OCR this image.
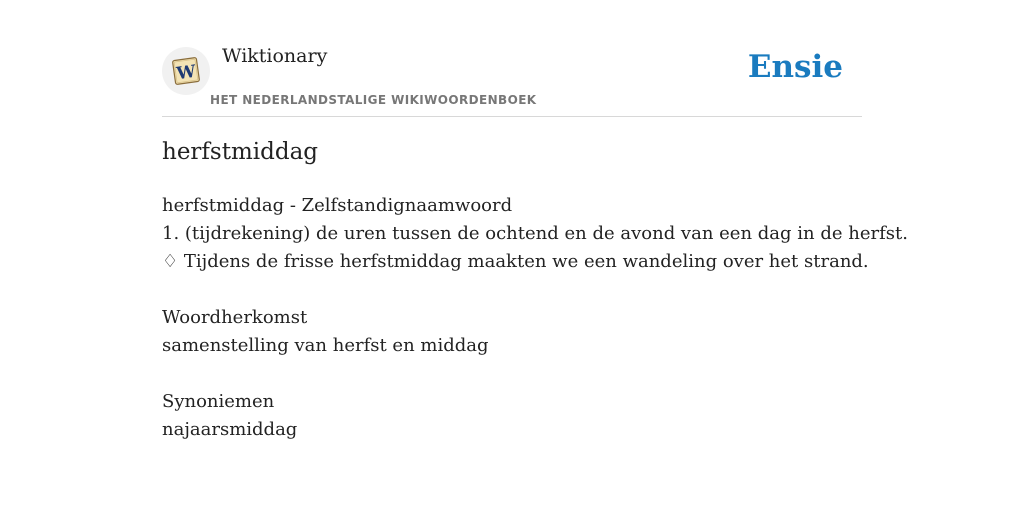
W
Wiktionary
HET NEDERLANDSTALIGE WIKIWOORDENBOEK
Ensie
herfstmiddag
herfstmiddag - Zelfstandignaamwoord
1. (tijdrekening) de uren tussen de ochtend en de avond van een dag in de herfst.
♢ Tijdens de frisse herfstmiddag maakten we een wandeling over het strand.
Woordherkomst
samenstelling van herfst en middag
Synoniemen
najaarsmiddag
